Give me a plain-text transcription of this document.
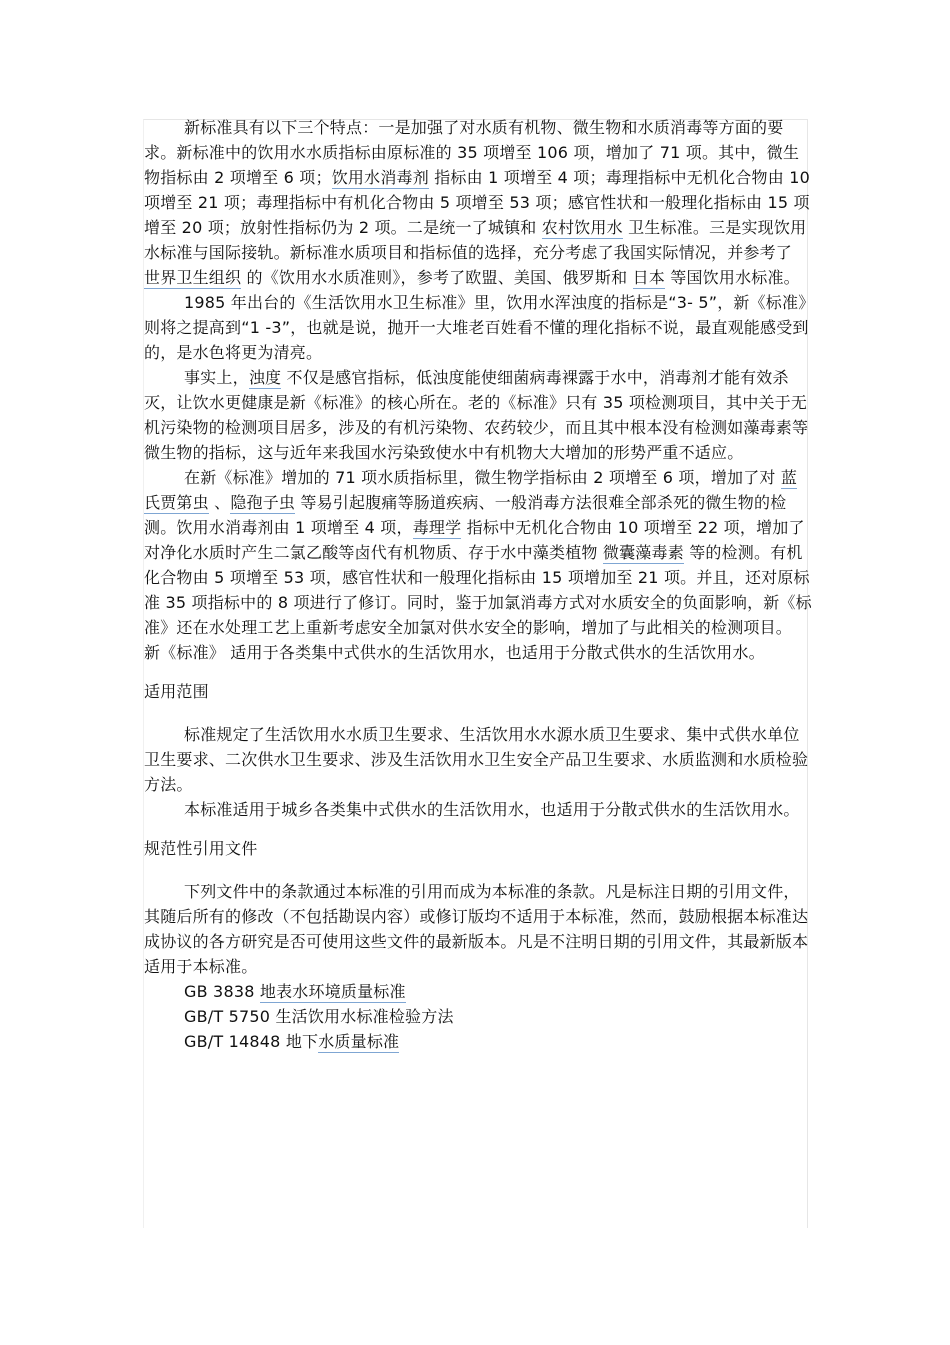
新标准具有以下三个特点：一是加强了对水质有机物、微生物和水质消毒等方面的要求。新标准中的饮用水水质指标由原标准的 35 项增至 106 项，增加了 71 项。其中，微生物指标由 2 项增至 6 项；饮用水消毒剂 指标由 1 项增至 4 项；毒理指标中无机化合物由 10 项增至 21 项；毒理指标中有机化合物由 5 项增至 53 项；感官性状和一般理化指标由 15 项增至 20 项；放射性指标仍为 2 项。二是统一了城镇和 农村饮用水 卫生标准。三是实现饮用水标准与国际接轨。新标准水质项目和指标值的选择，充分考虑了我国实际情况，并参考了 世界卫生组织 的《饮用水水质准则》，参考了欧盟、美国、俄罗斯和 日本 等国饮用水标准。

1985 年出台的《生活饮用水卫生标准》里，饮用水浑浊度的指标是“3- 5”，新《标准》则将之提高到“1 -3”，也就是说，抛开一大堆老百姓看不懂的理化指标不说，最直观能感受到的，是水色将更为清亮。

事实上，浊度 不仅是感官指标，低浊度能使细菌病毒裸露于水中，消毒剂才能有效杀灭，让饮水更健康是新《标准》的核心所在。老的《标准》只有 35 项检测项目，其中关于无机污染物的检测项目居多，涉及的有机污染物、农药较少，而且其中根本没有检测如藻毒素等微生物的指标，这与近年来我国水污染致使水中有机物大大增加的形势严重不适应。

在新《标准》增加的 71 项水质指标里，微生物学指标由 2 项增至 6 项，增加了对 蓝氏贾第虫 、隐孢子虫 等易引起腹痛等肠道疾病、一般消毒方法很难全部杀死的微生物的检测。饮用水消毒剂由 1 项增至 4 项，毒理学 指标中无机化合物由 10 项增至 22 项，增加了对净化水质时产生二氯乙酸等卤代有机物质、存于水中藻类植物 微囊藻毒素 等的检测。有机化合物由 5 项增至 53 项，感官性状和一般理化指标由 15 项增加至 21 项。并且，还对原标准 35 项指标中的 8 项进行了修订。同时，鉴于加氯消毒方式对水质安全的负面影响，新《标准》还在水处理工艺上重新考虑安全加氯对供水安全的影响，增加了与此相关的检测项目。 新《标准》 适用于各类集中式供水的生活饮用水，也适用于分散式供水的生活饮用水。

适用范围

标准规定了生活饮用水水质卫生要求、生活饮用水水源水质卫生要求、集中式供水单位卫生要求、二次供水卫生要求、涉及生活饮用水卫生安全产品卫生要求、水质监测和水质检验方法。

本标准适用于城乡各类集中式供水的生活饮用水，也适用于分散式供水的生活饮用水。

规范性引用文件

下列文件中的条款通过本标准的引用而成为本标准的条款。凡是标注日期的引用文件，其随后所有的修改（不包括勘误内容）或修订版均不适用于本标准，然而，鼓励根据本标准达成协议的各方研究是否可使用这些文件的最新版本。凡是不注明日期的引用文件，其最新版本适用于本标准。

GB 3838 地表水环境质量标准

GB/T 5750 生活饮用水标准检验方法

GB/T 14848 地下水质量标准
